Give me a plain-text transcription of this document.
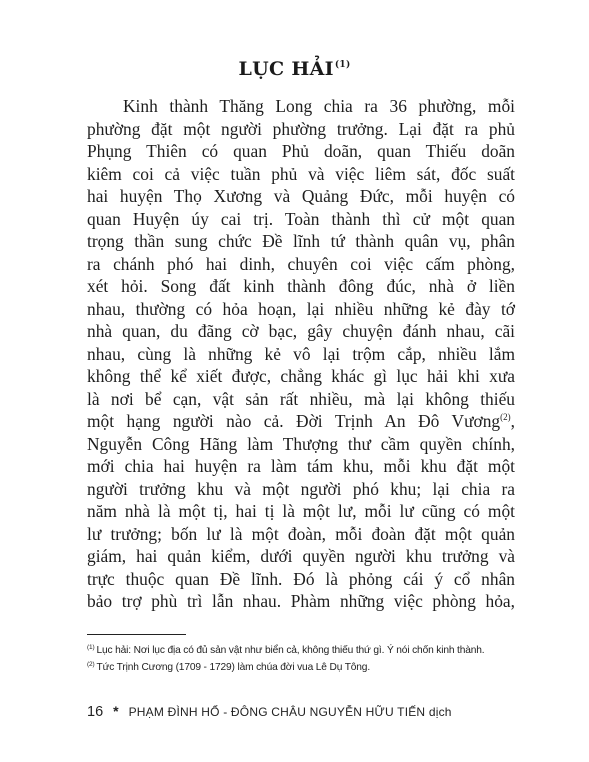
LỤC HẢI$^{(1)}$
Kinh thành Thăng Long chia ra 36 phường, mỗi
phường đặt một người phường trưởng. Lại đặt ra phủ
Phụng Thiên có quan Phủ doãn, quan Thiếu doãn
kiêm coi cả việc tuần phủ và việc liêm sát, đốc suất
hai huyện Thọ Xương và Quảng Đức, mỗi huyện có
quan Huyện úy cai trị. Toàn thành thì cử một quan
trọng thần sung chức Đề lĩnh tứ thành quân vụ, phân
ra chánh phó hai dinh, chuyên coi việc cấm phòng,
xét hỏi. Song đất kinh thành đông đúc, nhà ở liền
nhau, thường có hỏa hoạn, lại nhiều những kẻ đày tớ
nhà quan, du đãng cờ bạc, gây chuyện đánh nhau, cãi
nhau, cùng là những kẻ vô lại trộm cắp, nhiều lắm
không thể kể xiết được, chẳng khác gì lục hải khi xưa
là nơi bể cạn, vật sản rất nhiều, mà lại không thiếu
một hạng người nào cả. Đời Trịnh An Đô Vương$^{(2)}$,
Nguyễn Công Hãng làm Thượng thư cầm quyền chính,
mới chia hai huyện ra làm tám khu, mỗi khu đặt một
người trưởng khu và một người phó khu; lại chia ra
năm nhà là một tị, hai tị là một lư, mỗi lư cũng có một
lư trưởng; bốn lư là một đoàn, mỗi đoàn đặt một quản
giám, hai quản kiểm, dưới quyền người khu trưởng và
trực thuộc quan Đề lĩnh. Đó là phỏng cái ý cổ nhân
bảo trợ phù trì lẫn nhau. Phàm những việc phòng hỏa,
$^{(1)}$ Lục hải: Nơi lục địa có đủ sản vật như biển cả, không thiếu thứ gì. Ý nói chốn kinh thành.
$^{(2)}$ Tức Trịnh Cương (1709 - 1729) làm chúa đời vua Lê Dụ Tông.
16 * PHẠM ĐÌNH HỔ - ĐÔNG CHÂU NGUYỄN HỮU TIẾN dịch
